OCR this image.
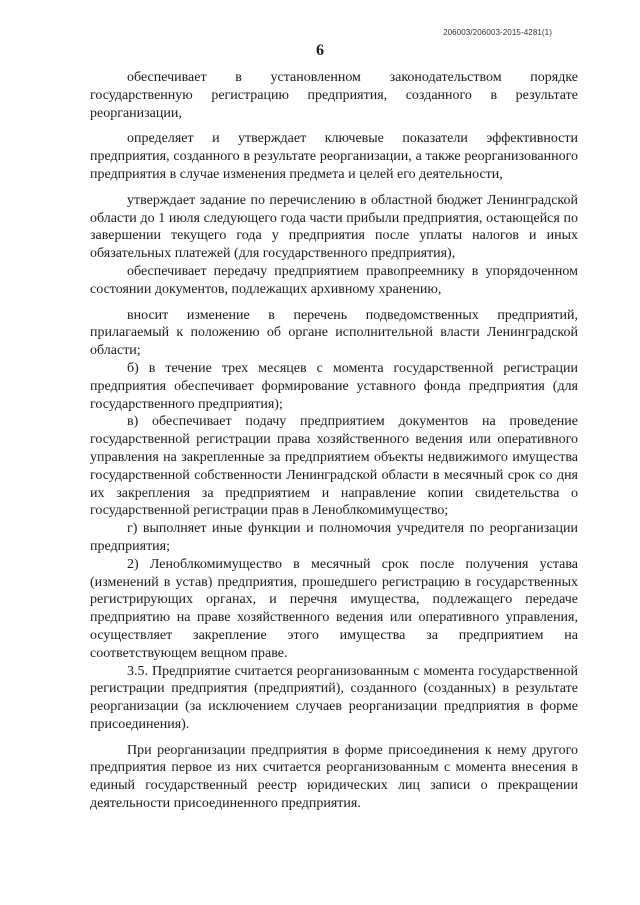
206003/206003-2015-4281(1)
6

обеспечивает в установленном законодательством порядке государственную регистрацию предприятия, созданного в результате реорганизации,

определяет и утверждает ключевые показатели эффективности предприятия, созданного в результате реорганизации, а также реорганизованного предприятия в случае изменения предмета и целей его деятельности,

утверждает задание по перечислению в областной бюджет Ленинградской области до 1 июля следующего года части прибыли предприятия, остающейся по завершении текущего года у предприятия после уплаты налогов и иных обязательных платежей (для государственного предприятия),

обеспечивает передачу предприятием правопреемнику в упорядоченном состоянии документов, подлежащих архивному хранению,

вносит изменение в перечень подведомственных предприятий, прилагаемый к положению об органе исполнительной власти Ленинградской области;

б) в течение трех месяцев с момента государственной регистрации предприятия обеспечивает формирование уставного фонда предприятия (для государственного предприятия);

в) обеспечивает подачу предприятием документов на проведение государственной регистрации права хозяйственного ведения или оперативного управления на закрепленные за предприятием объекты недвижимого имущества государственной собственности Ленинградской области в месячный срок со дня их закрепления за предприятием и направление копии свидетельства о государственной регистрации прав в Леноблкомимущество;

г) выполняет иные функции и полномочия учредителя по реорганизации предприятия;

2) Леноблкомимущество в месячный срок после получения устава (изменений в устав) предприятия, прошедшего регистрацию в государственных регистрирующих органах, и перечня имущества, подлежащего передаче предприятию на праве хозяйственного ведения или оперативного управления, осуществляет закрепление этого имущества за предприятием на соответствующем вещном праве.

3.5. Предприятие считается реорганизованным с момента государственной регистрации предприятия (предприятий), созданного (созданных) в результате реорганизации (за исключением случаев реорганизации предприятия в форме присоединения).

При реорганизации предприятия в форме присоединения к нему другого предприятия первое из них считается реорганизованным с момента внесения в единый государственный реестр юридических лиц записи о прекращении деятельности присоединенного предприятия.
